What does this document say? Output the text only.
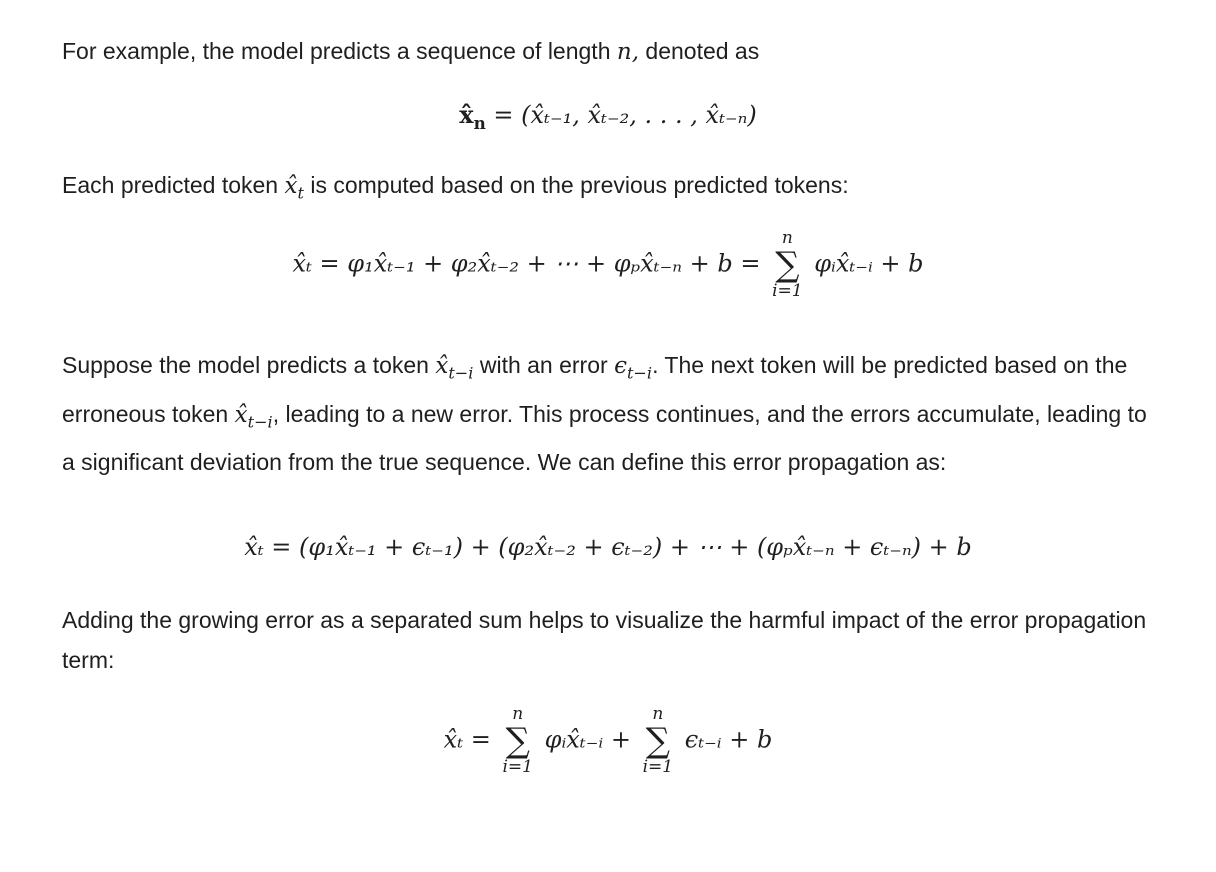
For example, the model predicts a sequence of length n, denoted as

$x̂_n$ = (x̂ₜ₋₁, x̂ₜ₋₂, . . . , x̂ₜ₋ₙ)

Each predicted token $x̂_t$ is computed based on the previous predicted tokens:

x̂ₜ = φ₁x̂ₜ₋₁ + φ₂x̂ₜ₋₂ + ⋯ + φₚx̂ₜ₋ₙ + b =
n
∑
i=1
φᵢx̂ₜ₋ᵢ + b

Suppose the model predicts a token $x̂_{t-i}$ with an error $\epsilon_{t-i}$. The next token will be predicted based on the erroneous token $x̂_{t-i}$, leading to a new error. This process continues, and the errors accumulate, leading to a significant deviation from the true sequence. We can define this error propagation as:

x̂ₜ = (φ₁x̂ₜ₋₁ + ϵₜ₋₁) + (φ₂x̂ₜ₋₂ + ϵₜ₋₂) + ⋯ + (φₚx̂ₜ₋ₙ + ϵₜ₋ₙ) + b

Adding the growing error as a separated sum helps to visualize the harmful impact of the error propagation term:

x̂ₜ =
n
∑
i=1
φᵢx̂ₜ₋ᵢ +
n
∑
i=1
ϵₜ₋ᵢ + b
